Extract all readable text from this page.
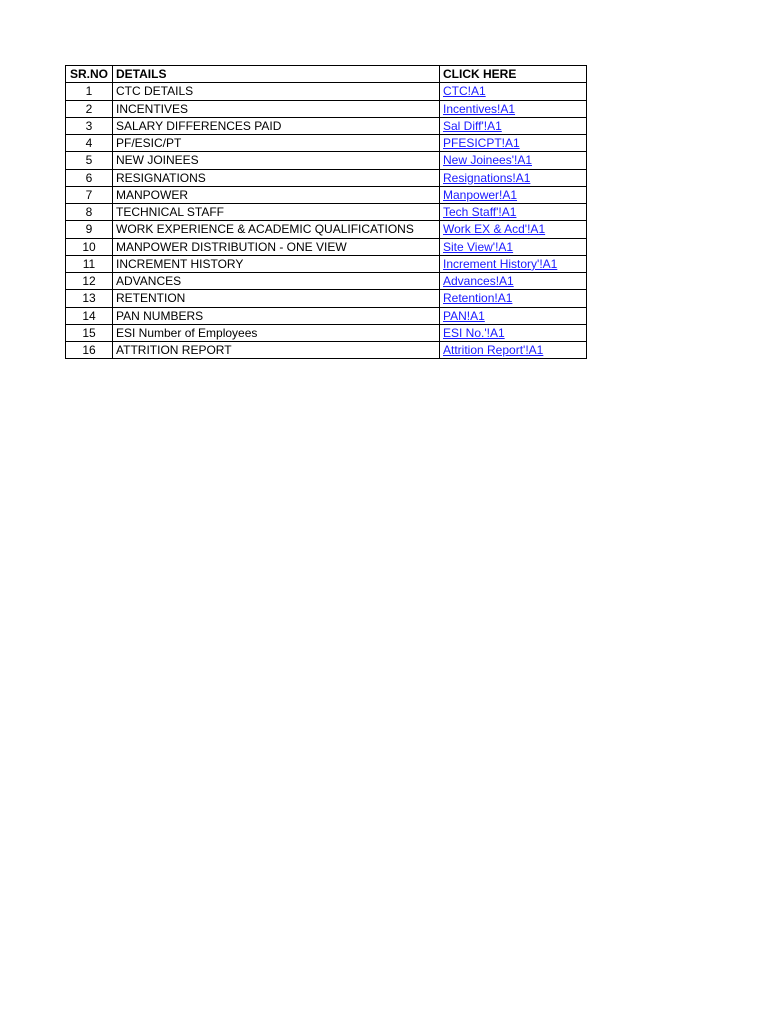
SR.NO	DETAILS	CLICK HERE
1	CTC DETAILS	CTC!A1
2	INCENTIVES	Incentives!A1
3	SALARY DIFFERENCES PAID	Sal Diff'!A1
4	PF/ESIC/PT	PFESICPT!A1
5	NEW JOINEES	New Joinees'!A1
6	RESIGNATIONS	Resignations!A1
7	MANPOWER	Manpower!A1
8	TECHNICAL STAFF	Tech Staff'!A1
9	WORK EXPERIENCE & ACADEMIC QUALIFICATIONS	Work EX & Acd'!A1
10	MANPOWER DISTRIBUTION - ONE VIEW	Site View'!A1
11	INCREMENT HISTORY	Increment History'!A1
12	ADVANCES	Advances!A1
13	RETENTION	Retention!A1
14	PAN NUMBERS	PAN!A1
15	ESI Number of Employees	ESI No.'!A1
16	ATTRITION REPORT	Attrition Report'!A1
